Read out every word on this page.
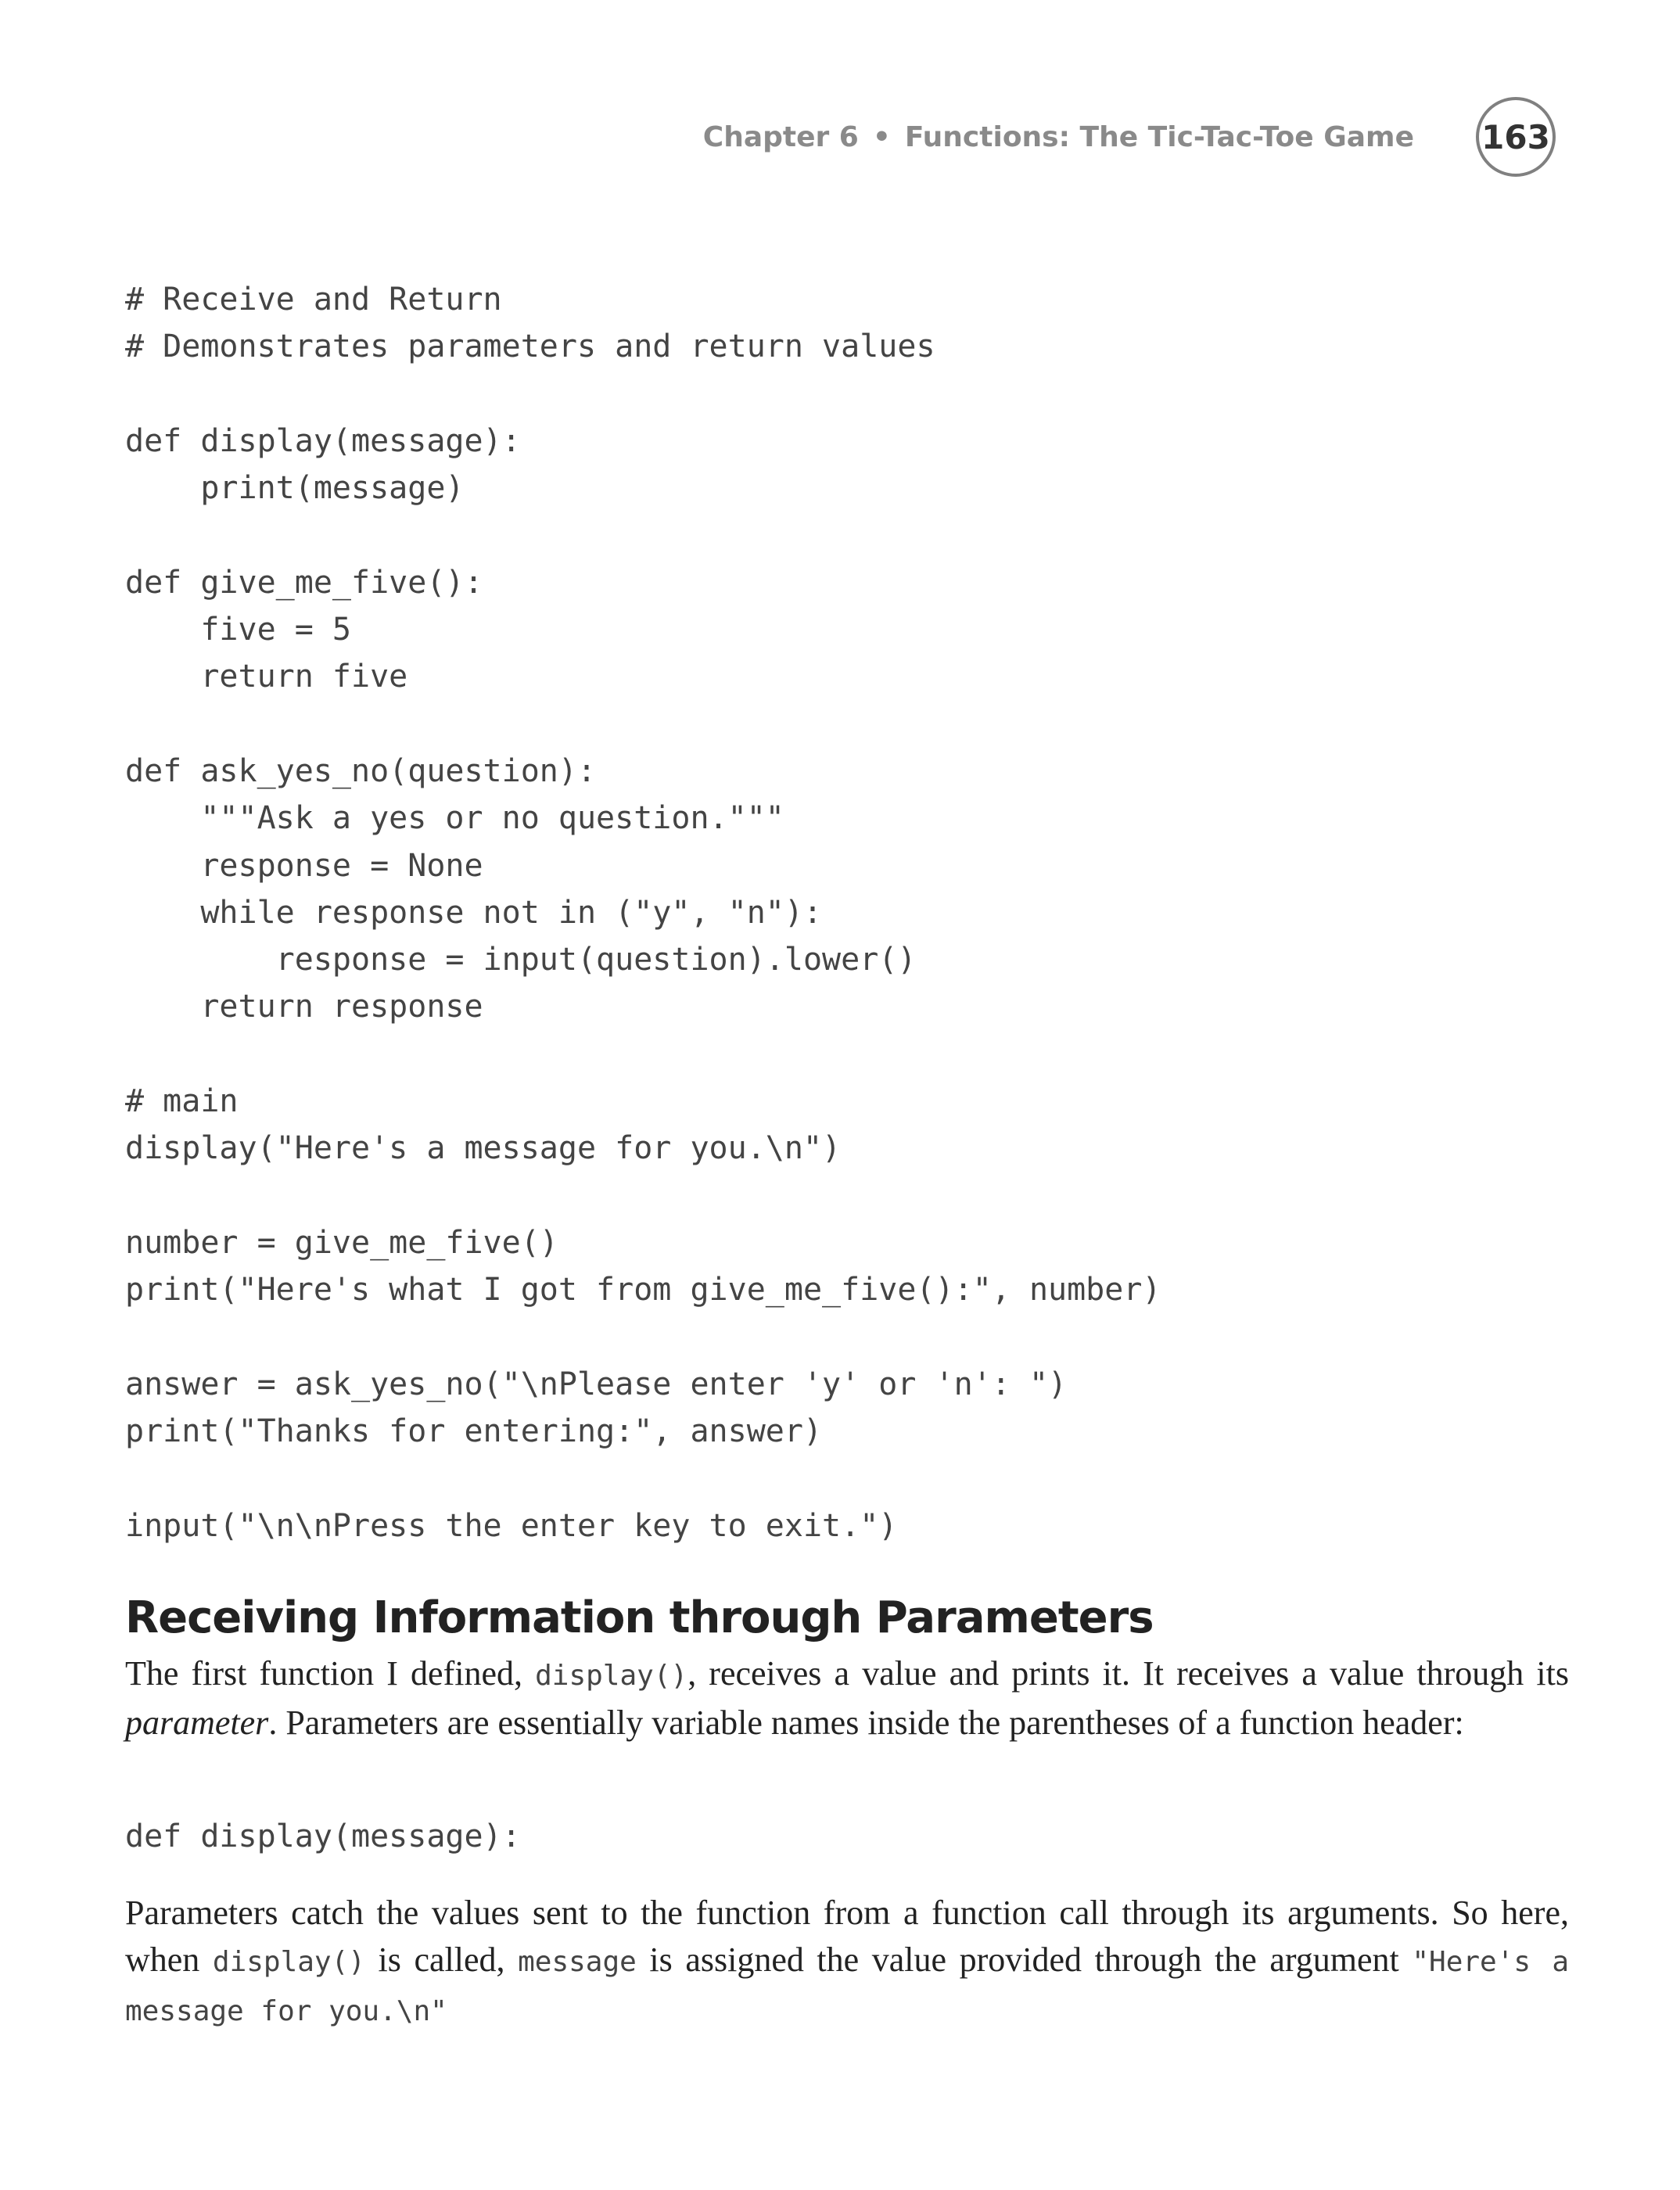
Chapter 6 • Functions: The Tic-Tac-Toe Game 163
# Receive and Return
# Demonstrates parameters and return values

def display(message):
print(message)

def give_me_five():
five = 5
return five

def ask_yes_no(question):
"""Ask a yes or no question."""
response = None
while response not in ("y", "n"):
response = input(question).lower()
return response

# main
display("Here's a message for you.\n")

number = give_me_five()
print("Here's what I got from give_me_five():", number)

answer = ask_yes_no("\nPlease enter 'y' or 'n': ")
print("Thanks for entering:", answer)

input("\n\nPress the enter key to exit.")
Receiving Information through Parameters

The first function I defined, display(), receives a value and prints it. It receives a value through its parameter. Parameters are essentially variable names inside the parentheses of a function header:

def display(message):

Parameters catch the values sent to the function from a function call through its arguments. So here, when display() is called, message is assigned the value provided through the argument "Here's a message for you.\n"
